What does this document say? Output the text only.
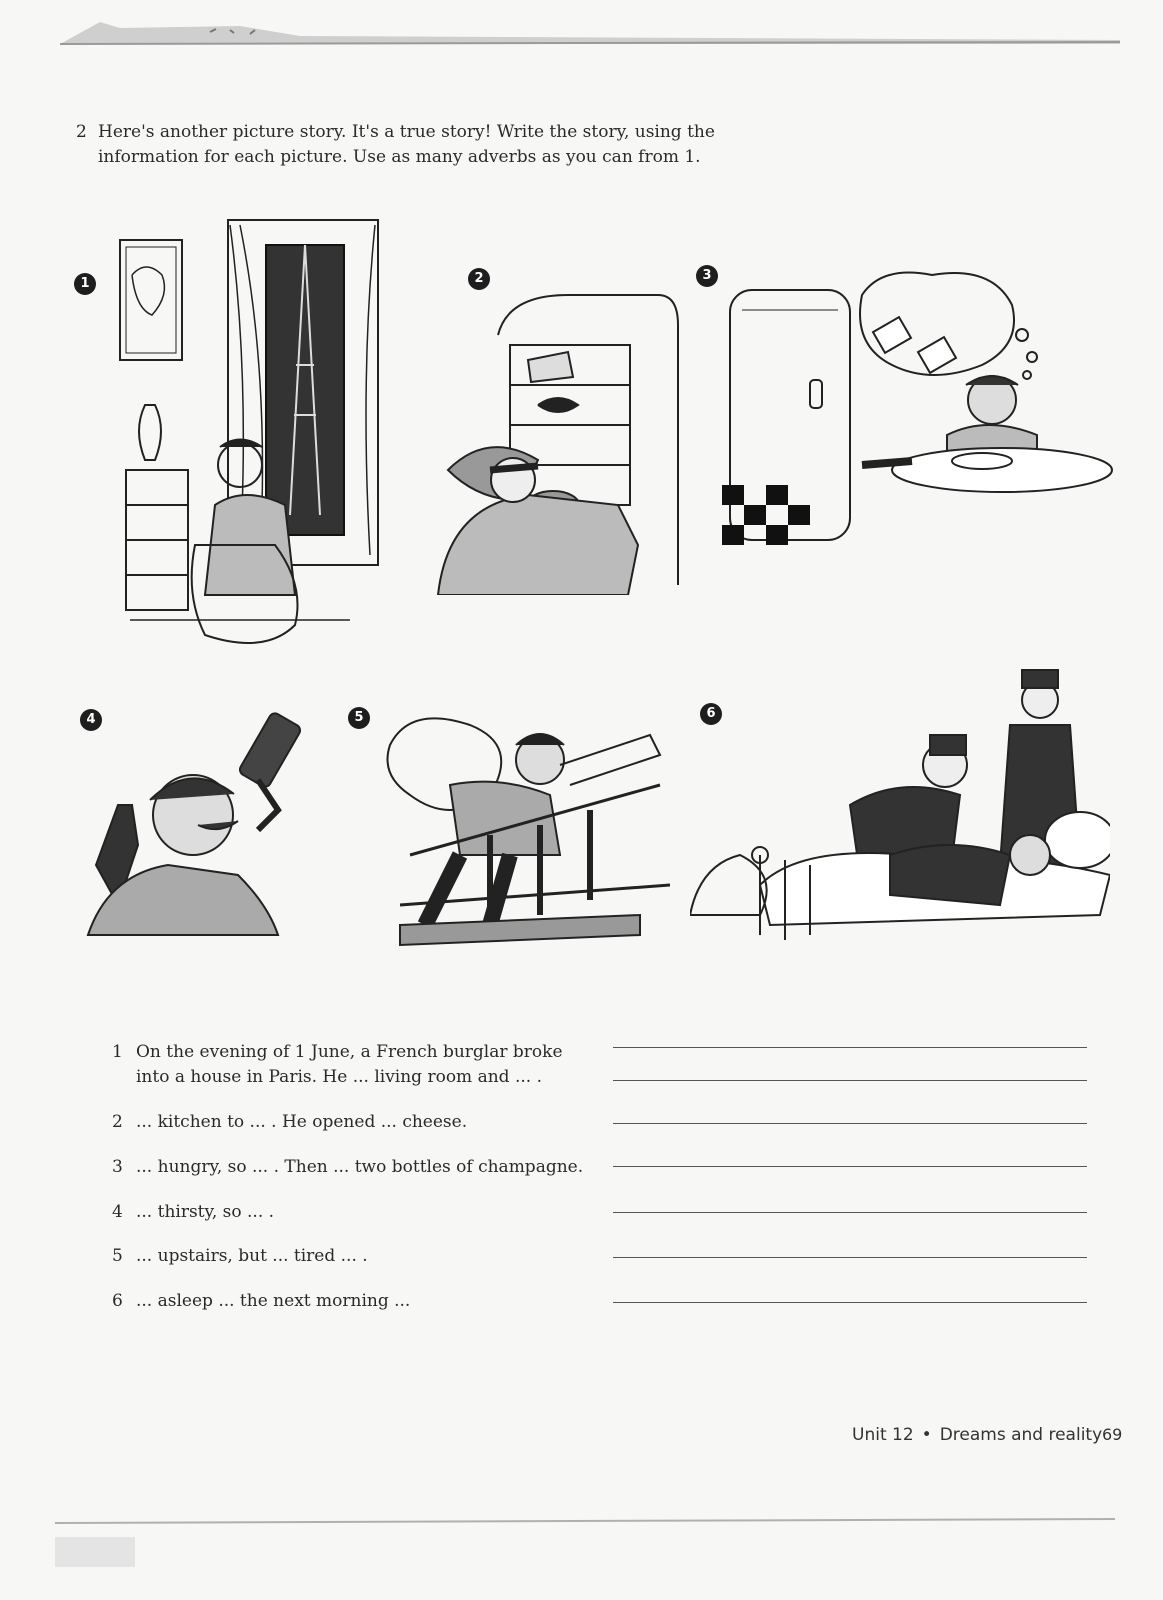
2 Here's another picture story. It's a true story! Write the story, using the
information for each picture. Use as many adverbs as you can from 1.
1	2	3
4	5	6
1 On the evening of 1 June, a French burglar broke
into a house in Paris. He ... living room and ... .
2 ... kitchen to ... . He opened ... cheese.
3 ... hungry, so ... . Then ... two bottles of champagne.
4 ... thirsty, so ... .
5 ... upstairs, but ... tired ... .
6 ... asleep ... the next morning ...
Unit 12 • Dreams and reality 69
